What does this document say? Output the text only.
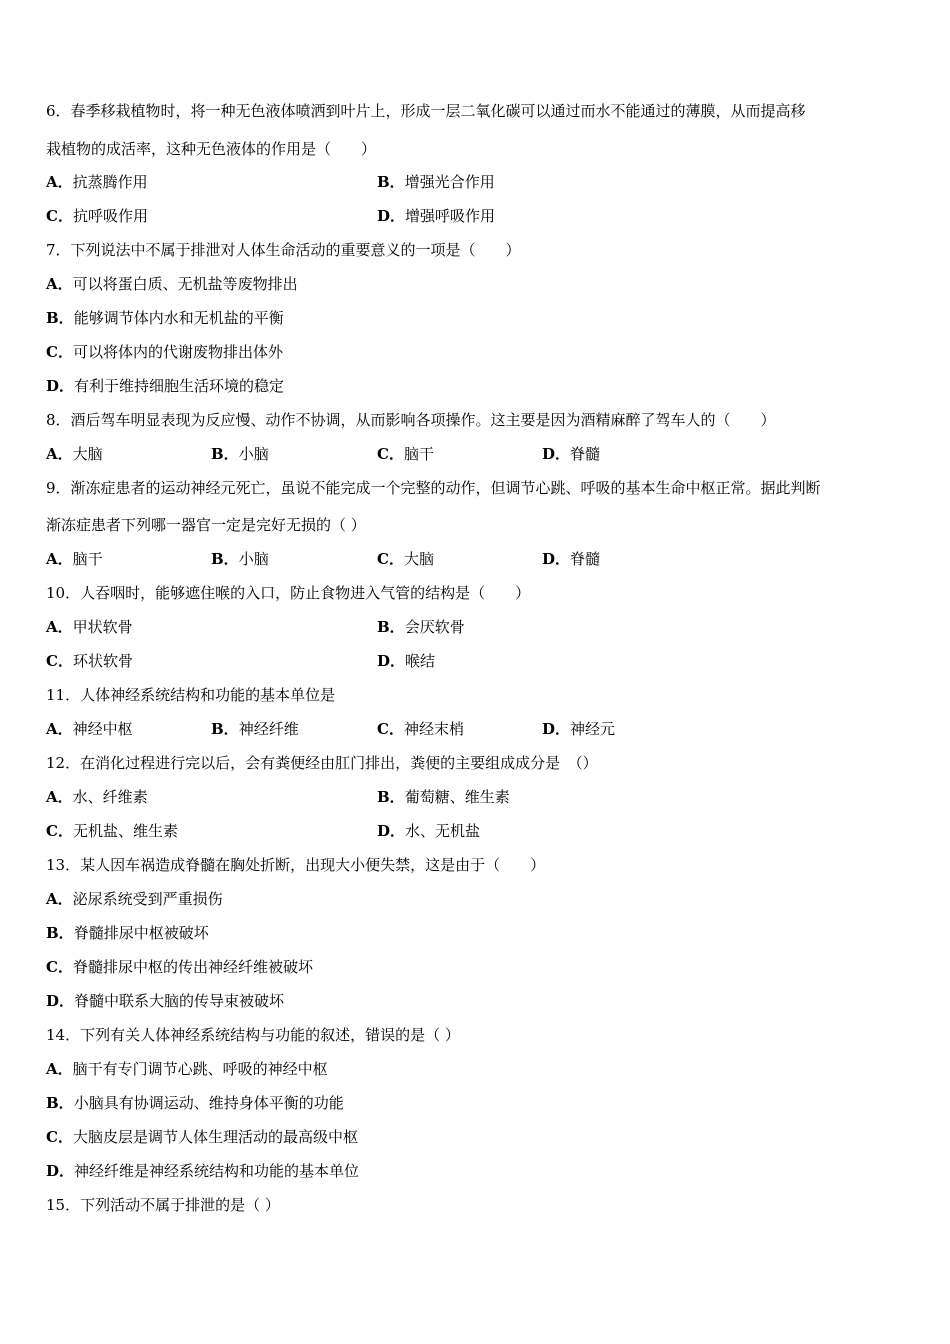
6．春季移栽植物时，将一种无色液体喷洒到叶片上，形成一层二氧化碳可以通过而水不能通过的薄膜，从而提高移
栽植物的成活率，这种无色液体的作用是（　　）
A．抗蒸腾作用	B．增强光合作用
C．抗呼吸作用	D．增强呼吸作用
7．下列说法中不属于排泄对人体生命活动的重要意义的一项是（　　）
A．可以将蛋白质、无机盐等废物排出
B．能够调节体内水和无机盐的平衡
C．可以将体内的代谢废物排出体外
D．有利于维持细胞生活环境的稳定
8．酒后驾车明显表现为反应慢、动作不协调，从而影响各项操作。这主要是因为酒精麻醉了驾车人的（　　）
A．大脑	B．小脑	C．脑干	D．脊髓
9．渐冻症患者的运动神经元死亡，虽说不能完成一个完整的动作，但调节心跳、呼吸的基本生命中枢正常。据此判断
渐冻症患者下列哪一器官一定是完好无损的（ ）
A．脑干	B．小脑	C．大脑	D．脊髓
10．人吞咽时，能够遮住喉的入口，防止食物进入气管的结构是（　　）
A．甲状软骨	B．会厌软骨
C．环状软骨	D．喉结
11．人体神经系统结构和功能的基本单位是
A．神经中枢	B．神经纤维	C．神经末梢	D．神经元
12．在消化过程进行完以后，会有粪便经由肛门排出，粪便的主要组成成分是　（）
A．水、纤维素	B．葡萄糖、维生素
C．无机盐、维生素	D．水、无机盐
13．某人因车祸造成脊髓在胸处折断，出现大小便失禁，这是由于（　　）
A．泌尿系统受到严重损伤
B．脊髓排尿中枢被破坏
C．脊髓排尿中枢的传出神经纤维被破坏
D．脊髓中联系大脑的传导束被破坏
14．下列有关人体神经系统结构与功能的叙述，错误的是（ ）
A．脑干有专门调节心跳、呼吸的神经中枢
B．小脑具有协调运动、维持身体平衡的功能
C．大脑皮层是调节人体生理活动的最高级中枢
D．神经纤维是神经系统结构和功能的基本单位
15．下列活动不属于排泄的是（ ）
